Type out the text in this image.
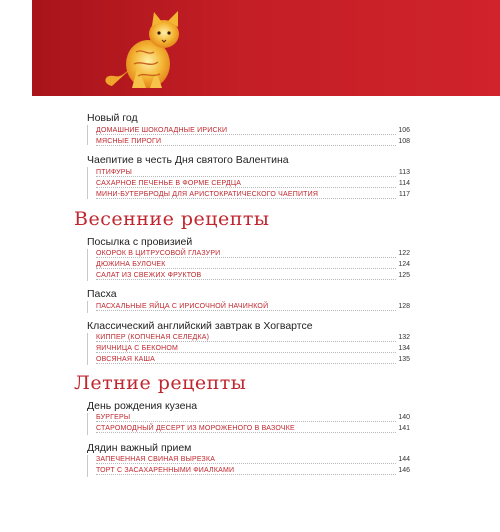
Новый год
ДОМАШНИЕ ШОКОЛАДНЫЕ ИРИСКИ	106
МЯСНЫЕ ПИРОГИ	108
Чаепитие в честь Дня святого Валентина
ПТИФУРЫ	113
САХАРНОЕ ПЕЧЕНЬЕ В ФОРМЕ СЕРДЦА	114
МИНИ-БУТЕРБРОДЫ ДЛЯ АРИСТОКРАТИЧЕСКОГО ЧАЕПИТИЯ	117
Весенние рецепты
Посылка с провизией
ОКОРОК В ЦИТРУСОВОЙ ГЛАЗУРИ	122
ДЮЖИНА БУЛОЧЕК	124
САЛАТ ИЗ СВЕЖИХ ФРУКТОВ	125
Пасха
ПАСХАЛЬНЫЕ ЯЙЦА С ИРИСОЧНОЙ НАЧИНКОЙ	128
Классический английский завтрак в Хогвартсе
КИППЕР (КОПЧЕНАЯ СЕЛЕДКА)	132
ЯИЧНИЦА С БЕКОНОМ	134
ОВСЯНАЯ КАША	135
Летние рецепты
День рождения кузена
БУРГЕРЫ	140
СТАРОМОДНЫЙ ДЕСЕРТ ИЗ МОРОЖЕНОГО В ВАЗОЧКЕ	141
Дядин важный прием
ЗАПЕЧЕННАЯ СВИНАЯ ВЫРЕЗКА	144
ТОРТ С ЗАСАХАРЕННЫМИ ФИАЛКАМИ	146
